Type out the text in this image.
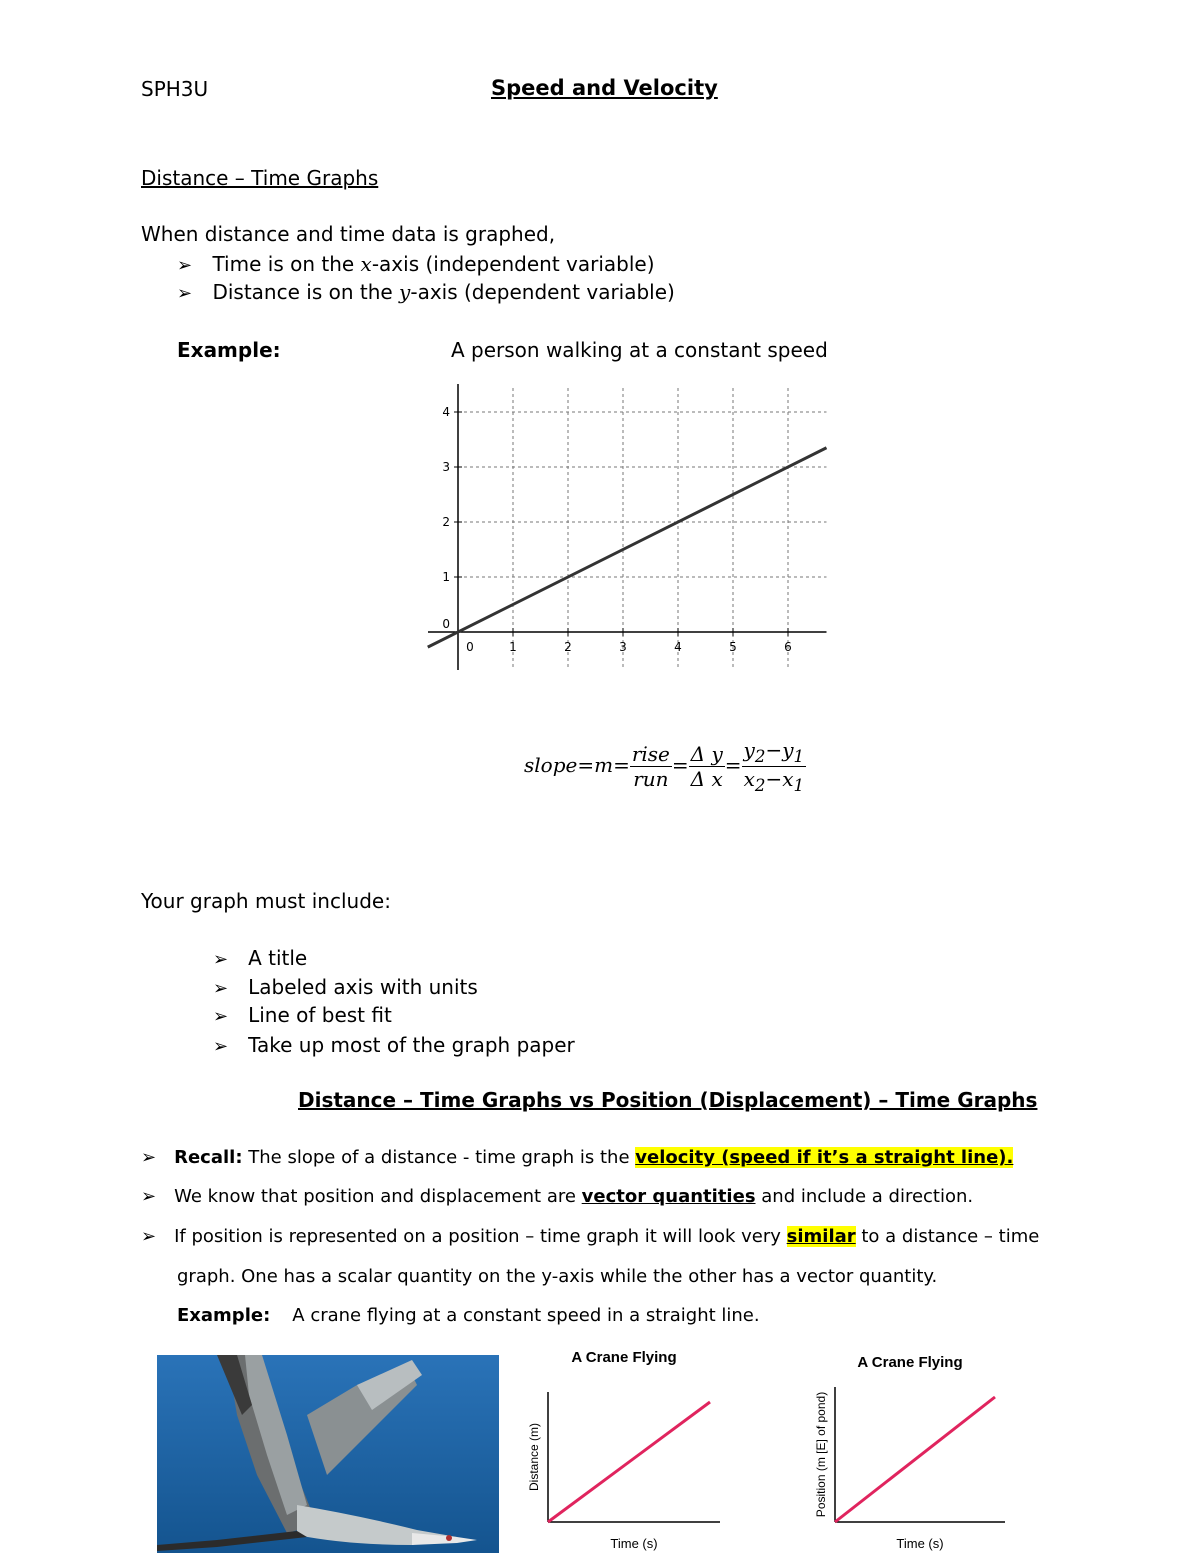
SPH3U	Speed and Velocity
Distance – Time Graphs
When distance and time data is graphed,
➢ Time is on the x-axis (independent variable)
➢ Distance is on the y-axis (dependent variable)
Example:	A person walking at a constant speed
0	1	2	3	4	5	6
0
1
2
3
4
slope=m= $\frac{\text{rise}}{\text{run}} = \frac{\text{Δ y}}{\text{Δ x}} = \frac{y_2-y_1}{x_2-x_1}$
Your graph must include:
➢ A title
➢ Labeled axis with units
➢ Line of best fit
➢ Take up most of the graph paper
Distance – Time Graphs vs Position (Displacement) – Time Graphs
➢ Recall: The slope of a distance - time graph is the velocity (speed if it’s a straight line).
➢ We know that position and displacement are vector quantities and include a direction.
➢ If position is represented on a position – time graph it will look very similar to a distance – time
graph. One has a scalar quantity on the y-axis while the other has a vector quantity.
Example: A crane flying at a constant speed in a straight line.
A Crane Flying
Time (s)
Distance (m)
A Crane Flying
Time (s)
Position (m [E] of pond)
